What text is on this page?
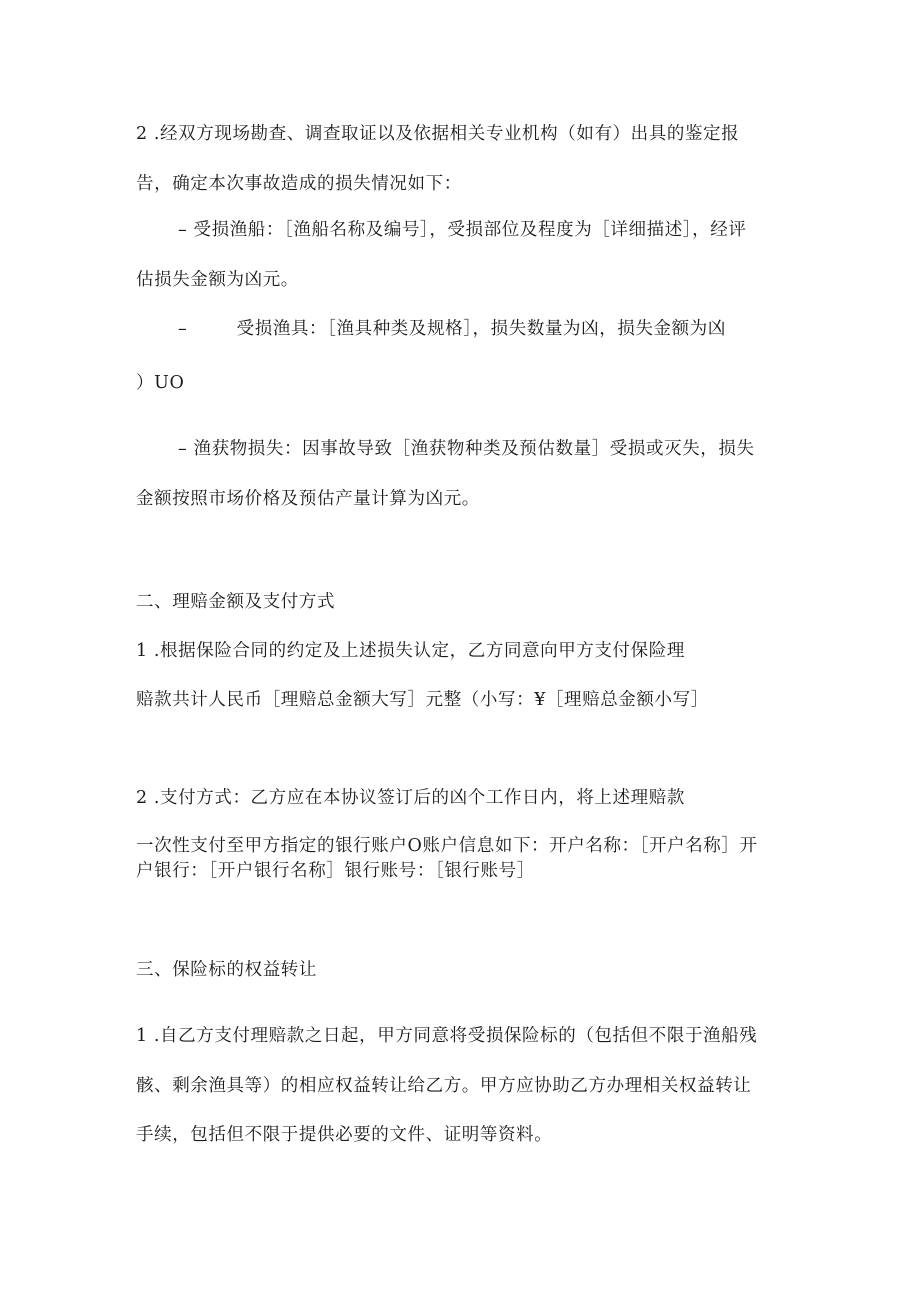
2 .经双方现场勘查、调查取证以及依据相关专业机构（如有）出具的鉴定报
告，确定本次事故造成的损失情况如下：
– 受损渔船：［渔船名称及编号］，受损部位及程度为［详细描述］，经评
估损失金额为凶元。
–        受损渔具：［渔具种类及规格］，损失数量为凶，损失金额为凶
）UO
– 渔获物损失：因事故导致［渔获物种类及预估数量］受损或灭失，损失
金额按照市场价格及预估产量计算为凶元。
二、理赔金额及支付方式
1 .根据保险合同的约定及上述损失认定，乙方同意向甲方支付保险理
赔款共计人民币［理赔总金额大写］元整（小写：¥［理赔总金额小写］
2 .支付方式：乙方应在本协议签订后的凶个工作日内，将上述理赔款
一次性支付至甲方指定的银行账户O账户信息如下：开户名称：［开户名称］开
户银行：［开户银行名称］银行账号：［银行账号］
三、保险标的权益转让
1 .自乙方支付理赔款之日起，甲方同意将受损保险标的（包括但不限于渔船残
骸、剩余渔具等）的相应权益转让给乙方。甲方应协助乙方办理相关权益转让
手续，包括但不限于提供必要的文件、证明等资料。
